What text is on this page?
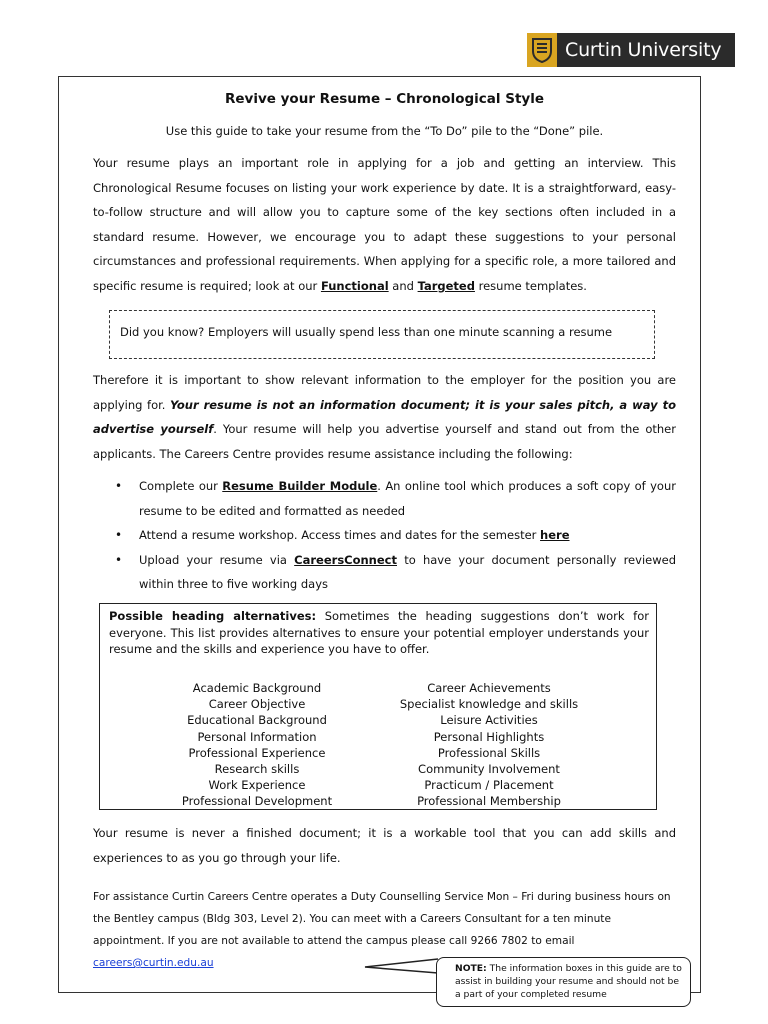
Curtin University
Revive your Resume – Chronological Style
Use this guide to take your resume from the “To Do” pile to the “Done” pile.

Your resume plays an important role in applying for a job and getting an interview. This Chronological Resume focuses on listing your work experience by date. It is a straightforward, easy-to-follow structure and will allow you to capture some of the key sections often included in a standard resume. However, we encourage you to adapt these suggestions to your personal circumstances and professional requirements. When applying for a specific role, a more tailored and specific resume is required; look at our Functional and Targeted resume templates.

Therefore it is important to show relevant information to the employer for the position you are applying for. Your resume is not an information document; it is your sales pitch, a way to advertise yourself. Your resume will help you advertise yourself and stand out from the other applicants. The Careers Centre provides resume assistance including the following:

Your resume is never a finished document; it is a workable tool that you can add skills and experiences to as you go through your life.

For assistance Curtin Careers Centre operates a Duty Counselling Service Mon – Fri during business hours on the Bentley campus (Bldg 303, Level 2). You can meet with a Careers Consultant for a ten minute appointment. If you are not available to attend the campus please call 9266 7802 to email careers@curtin.edu.au

Did you know? Employers will usually spend less than one minute scanning a resume
• Complete our Resume Builder Module. An online tool which produces a soft copy of your resume to be edited and formatted as needed
• Attend a resume workshop. Access times and dates for the semester here
• Upload your resume via CareersConnect to have your document personally reviewed within three to five working days
Possible heading alternatives: Sometimes the heading suggestions don’t work for everyone. This list provides alternatives to ensure your potential employer understands your resume and the skills and experience you have to offer.
Academic Background
Career Objective
Educational Background
Personal Information
Professional Experience
Research skills
Work Experience
Professional Development
Career Achievements
Specialist knowledge and skills
Leisure Activities
Personal Highlights
Professional Skills
Community Involvement
Practicum / Placement
Professional Membership
NOTE: The information boxes in this guide are to assist in building your resume and should not be a part of your completed resume
